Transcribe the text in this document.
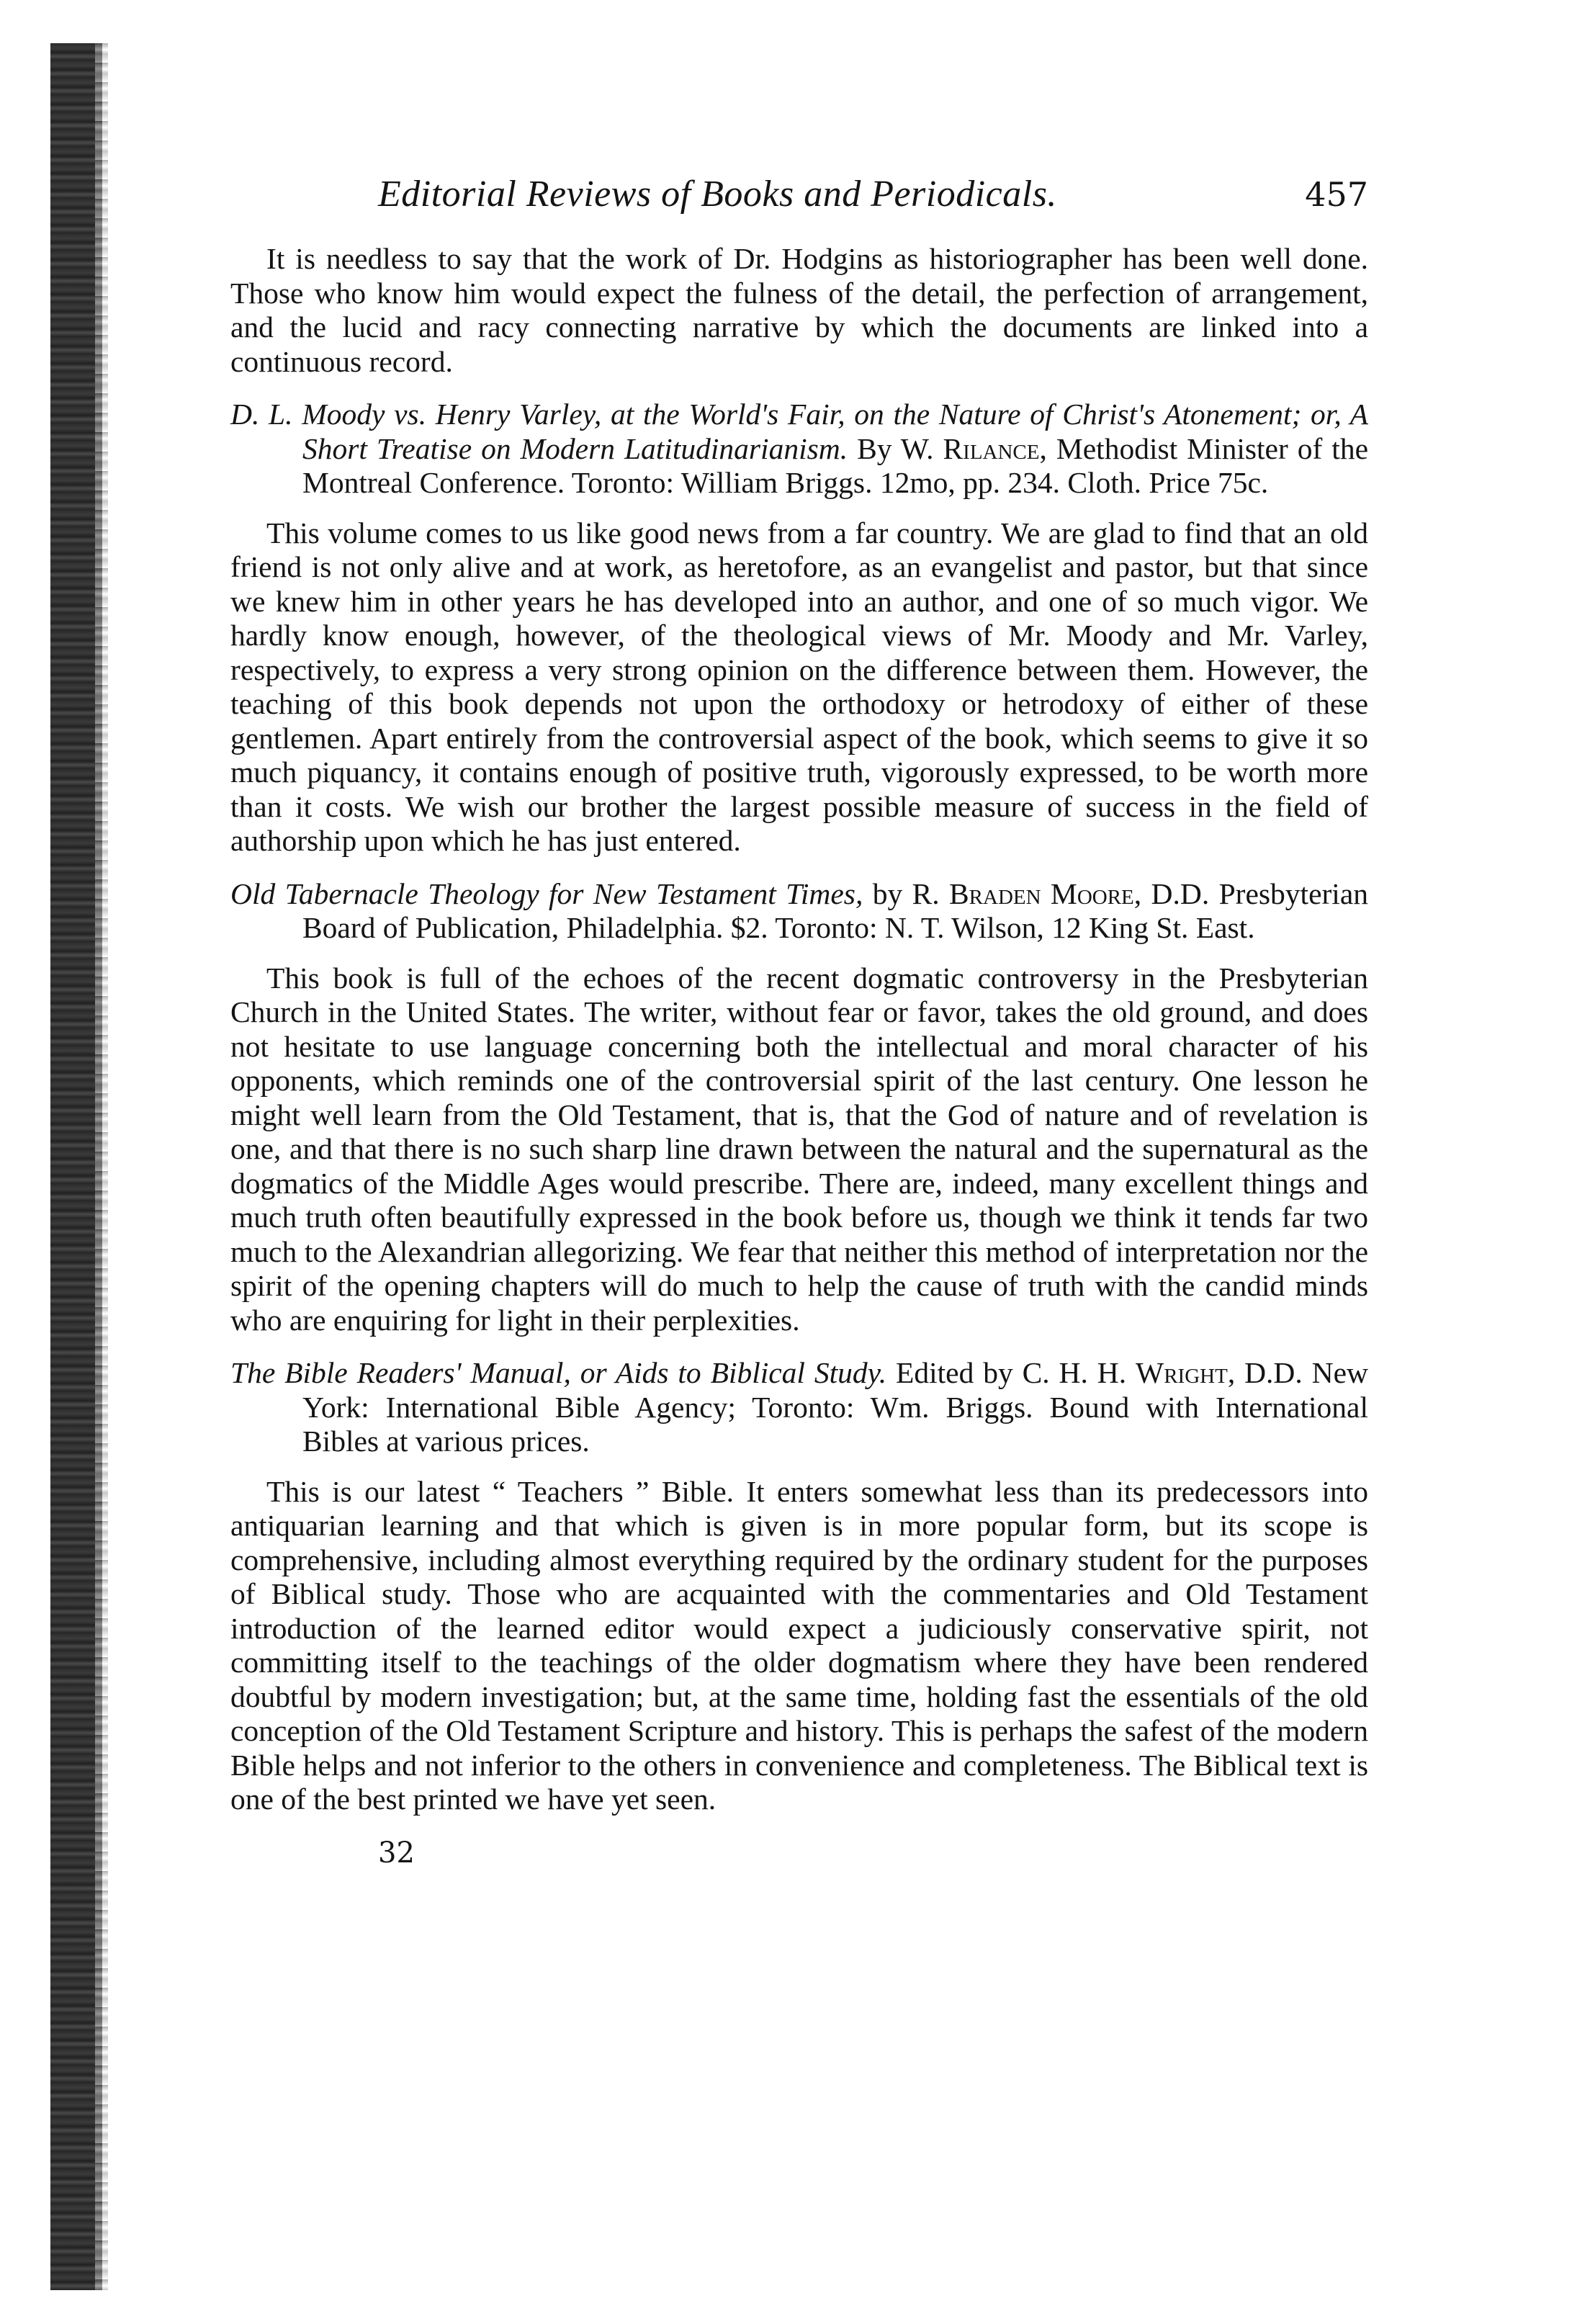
Editorial Reviews of Books and Periodicals.	457

It is needless to say that the work of Dr. Hodgins as historiographer has been well done. Those who know him would expect the fulness of the detail, the perfection of arrangement, and the lucid and racy connecting narrative by which the documents are linked into a continuous record.

D. L. Moody vs. Henry Varley, at the World's Fair, on the Nature of Christ's Atonement; or, A Short Treatise on Modern Latitudinarianism. By W. Rilance, Methodist Minister of the Montreal Conference. Toronto: William Briggs. 12mo, pp. 234. Cloth. Price 75c.

This volume comes to us like good news from a far country. We are glad to find that an old friend is not only alive and at work, as heretofore, as an evangelist and pastor, but that since we knew him in other years he has developed into an author, and one of so much vigor. We hardly know enough, however, of the theological views of Mr. Moody and Mr. Varley, respectively, to express a very strong opinion on the difference between them. However, the teaching of this book depends not upon the orthodoxy or hetrodoxy of either of these gentlemen. Apart entirely from the controversial aspect of the book, which seems to give it so much piquancy, it contains enough of positive truth, vigorously expressed, to be worth more than it costs. We wish our brother the largest possible measure of success in the field of authorship upon which he has just entered.

Old Tabernacle Theology for New Testament Times, by R. Braden Moore, D.D. Presbyterian Board of Publication, Philadelphia. $2. Toronto: N. T. Wilson, 12 King St. East.

This book is full of the echoes of the recent dogmatic controversy in the Presbyterian Church in the United States. The writer, without fear or favor, takes the old ground, and does not hesitate to use language concerning both the intellectual and moral character of his opponents, which reminds one of the controversial spirit of the last century. One lesson he might well learn from the Old Testament, that is, that the God of nature and of revelation is one, and that there is no such sharp line drawn between the natural and the supernatural as the dogmatics of the Middle Ages would prescribe. There are, indeed, many excellent things and much truth often beautifully expressed in the book before us, though we think it tends far two much to the Alexandrian allegorizing. We fear that neither this method of interpretation nor the spirit of the opening chapters will do much to help the cause of truth with the candid minds who are enquiring for light in their perplexities.

The Bible Readers' Manual, or Aids to Biblical Study. Edited by C. H. H. Wright, D.D. New York: International Bible Agency; Toronto: Wm. Briggs. Bound with International Bibles at various prices.

This is our latest “ Teachers ” Bible. It enters somewhat less than its predecessors into antiquarian learning and that which is given is in more popular form, but its scope is comprehensive, including almost everything required by the ordinary student for the purposes of Biblical study. Those who are acquainted with the commentaries and Old Testament introduction of the learned editor would expect a judiciously conservative spirit, not committing itself to the teachings of the older dogmatism where they have been rendered doubtful by modern investigation; but, at the same time, holding fast the essentials of the old conception of the Old Testament Scripture and history. This is perhaps the safest of the modern Bible helps and not inferior to the others in convenience and completeness. The Biblical text is one of the best printed we have yet seen.

32
